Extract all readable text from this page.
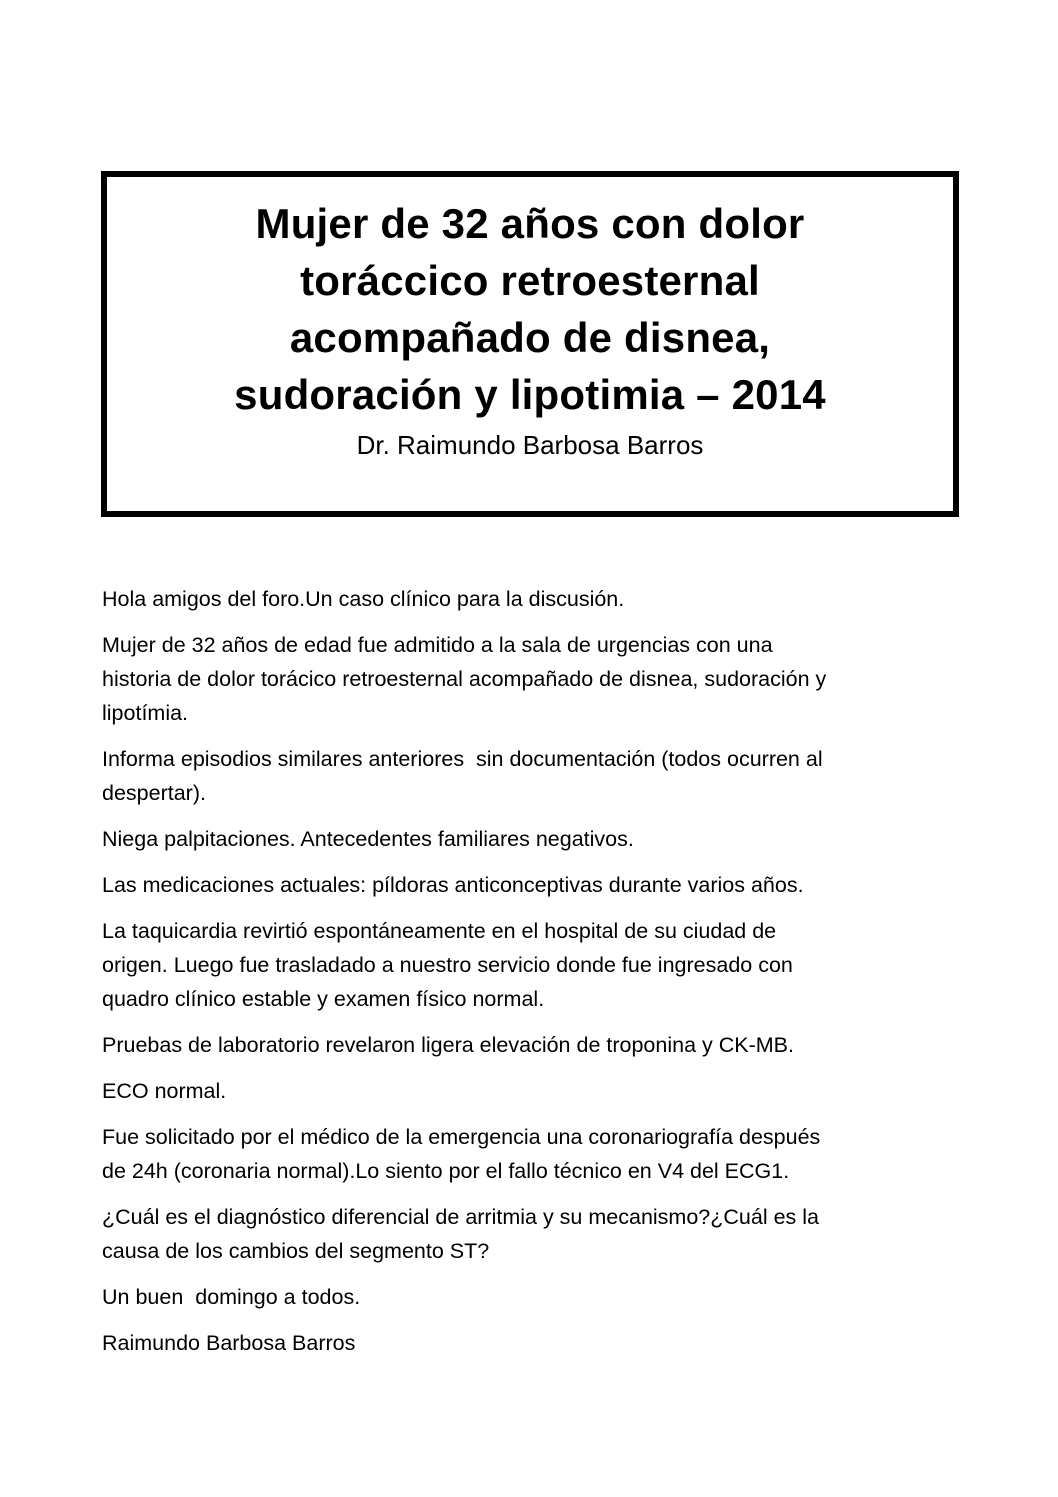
Mujer de 32 años con dolor
toráccico retroesternal
acompañado de disnea,
sudoración y lipotimia – 2014
Dr. Raimundo Barbosa Barros

Hola amigos del foro.Un caso clínico para la discusión.

Mujer de 32 años de edad fue admitido a la sala de urgencias con una
historia de dolor torácico retroesternal acompañado de disnea, sudoración y
lipotímia.

Informa episodios similares anteriores  sin documentación (todos ocurren al
despertar).

Niega palpitaciones. Antecedentes familiares negativos.

Las medicaciones actuales: píldoras anticonceptivas durante varios años.

La taquicardia revirtió espontáneamente en el hospital de su ciudad de
origen. Luego fue trasladado a nuestro servicio donde fue ingresado con
quadro clínico estable y examen físico normal.

Pruebas de laboratorio revelaron ligera elevación de troponina y CK-MB.

ECO normal.

Fue solicitado por el médico de la emergencia una coronariografía después
de 24h (coronaria normal).Lo siento por el fallo técnico en V4 del ECG1.

¿Cuál es el diagnóstico diferencial de arritmia y su mecanismo?¿Cuál es la
causa de los cambios del segmento ST?

Un buen  domingo a todos.

Raimundo Barbosa Barros
